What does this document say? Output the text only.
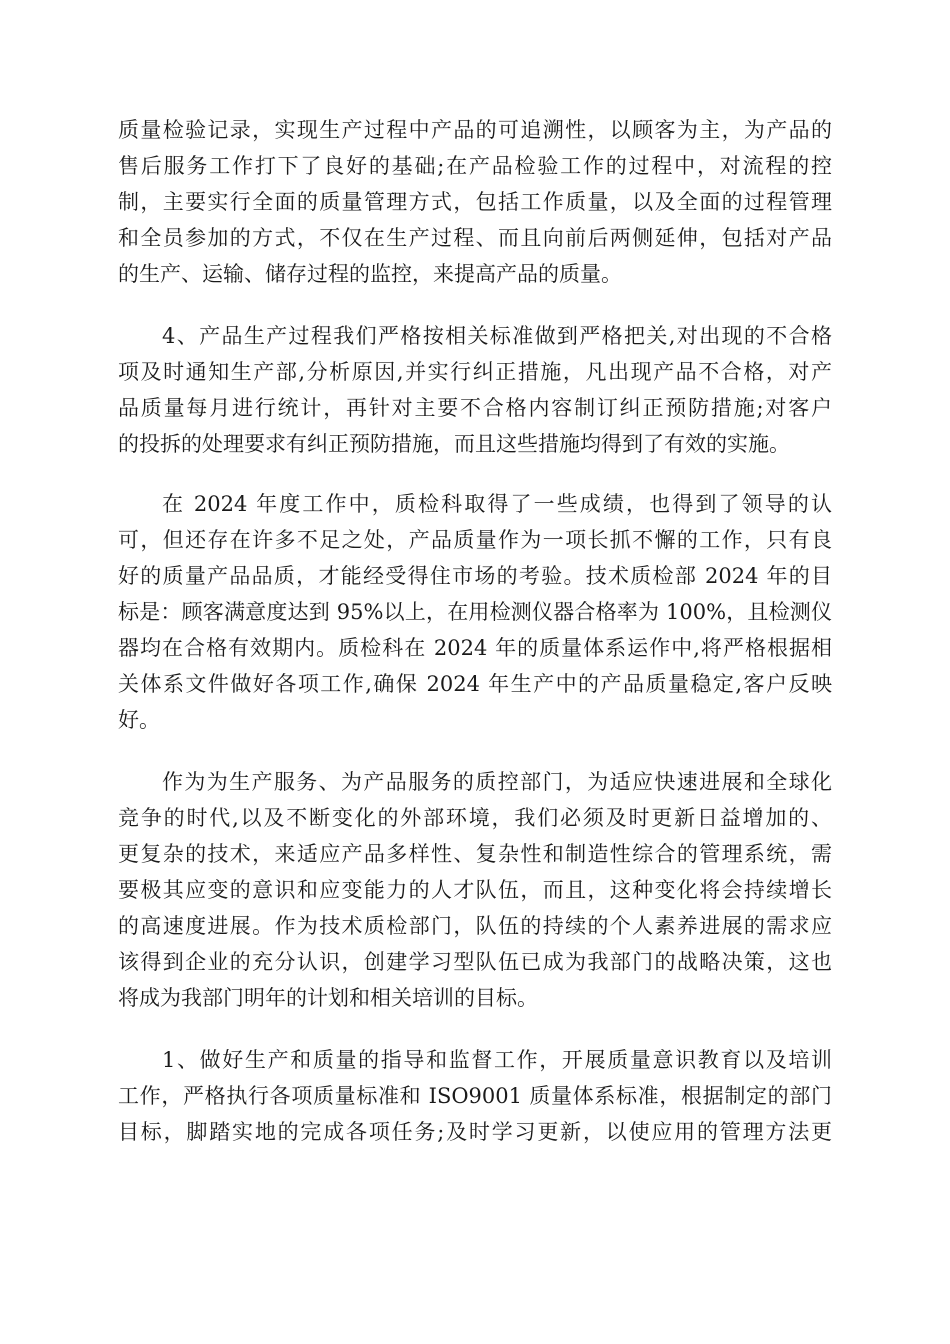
质量检验记录，实现生产过程中产品的可追溯性，以顾客为主，为产品的
售后服务工作打下了良好的基础;在产品检验工作的过程中，对流程的控
制，主要实行全面的质量管理方式，包括工作质量，以及全面的过程管理
和全员参加的方式，不仅在生产过程、而且向前后两侧延伸，包括对产品
的生产、运输、储存过程的监控，来提高产品的质量。
4、产品生产过程我们严格按相关标准做到严格把关,对出现的不合格
项及时通知生产部,分析原因,并实行纠正措施，凡出现产品不合格，对产
品质量每月进行统计，再针对主要不合格内容制订纠正预防措施;对客户
的投拆的处理要求有纠正预防措施，而且这些措施均得到了有效的实施。
在 2024 年度工作中，质检科取得了一些成绩，也得到了领导的认
可，但还存在许多不足之处，产品质量作为一项长抓不懈的工作，只有良
好的质量产品品质，才能经受得住市场的考验。技术质检部 2024 年的目
标是：顾客满意度达到 95%以上，在用检测仪器合格率为 100%，且检测仪
器均在合格有效期内。质检科在 2024 年的质量体系运作中,将严格根据相
关体系文件做好各项工作,确保 2024 年生产中的产品质量稳定,客户反映
好。
作为为生产服务、为产品服务的质控部门，为适应快速进展和全球化
竞争的时代,以及不断变化的外部环境，我们必须及时更新日益增加的、
更复杂的技术，来适应产品多样性、复杂性和制造性综合的管理系统，需
要极其应变的意识和应变能力的人才队伍，而且，这种变化将会持续增长
的高速度进展。作为技术质检部门，队伍的持续的个人素养进展的需求应
该得到企业的充分认识，创建学习型队伍已成为我部门的战略决策，这也
将成为我部门明年的计划和相关培训的目标。
1、做好生产和质量的指导和监督工作，开展质量意识教育以及培训
工作，严格执行各项质量标准和 ISO9001 质量体系标准，根据制定的部门
目标，脚踏实地的完成各项任务;及时学习更新，以使应用的管理方法更
